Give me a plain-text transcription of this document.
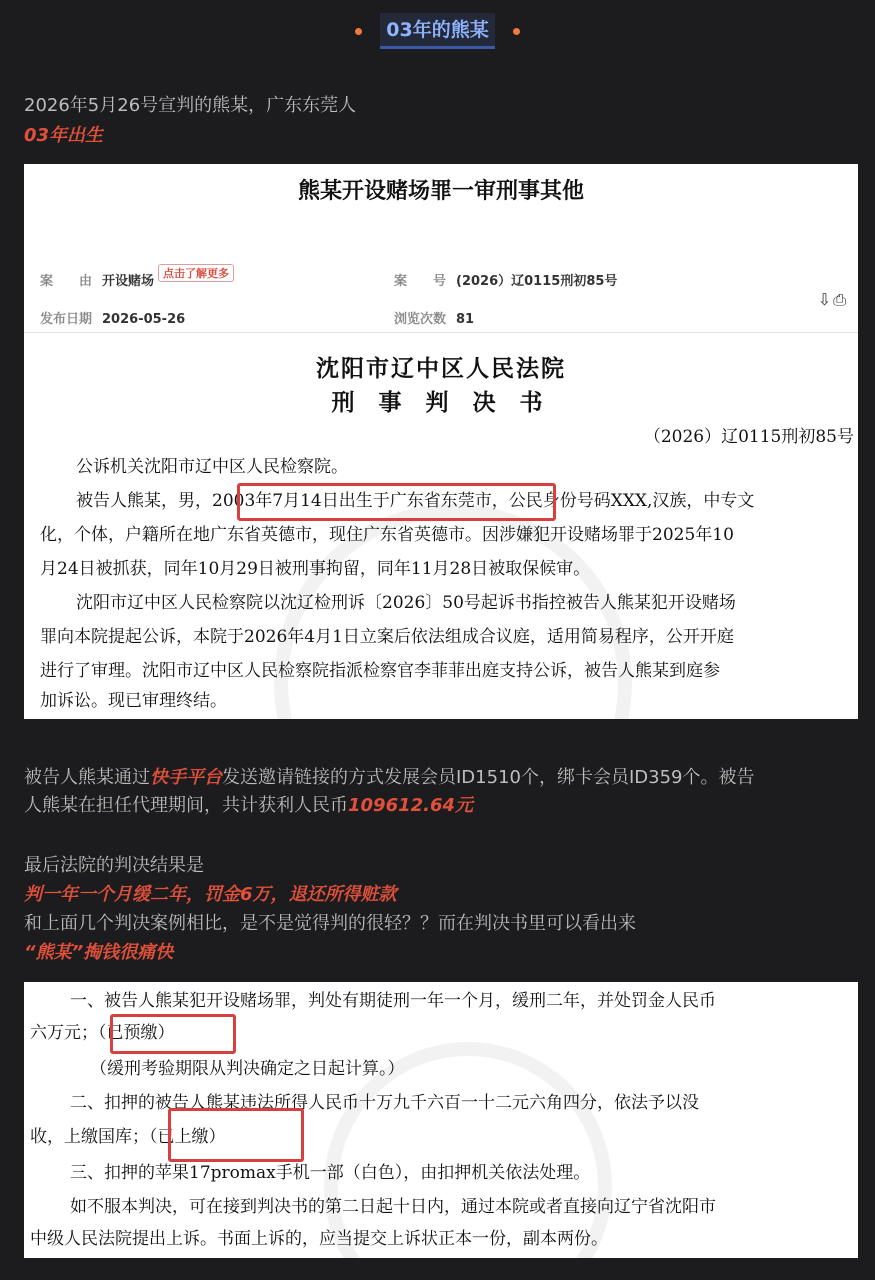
03年的熊某
2026年5月26号宣判的熊某，广东东莞人
03年出生
熊某开设赌场罪一审刑事其他
案　　由 开设赌场点击了解更多
案　　号 (2026）辽0115刑初85号
发布日期 2026-05-26	浏览次数 81
⇩⎙
沈阳市辽中区人民法院
刑 事 判 决 书
（2026）辽0115刑初85号
公诉机关沈阳市辽中区人民检察院。
被告人熊某，男，2003年7月14日出生于广东省东莞市，公民身份号码XXX,汉族，中专文
化，个体，户籍所在地广东省英德市，现住广东省英德市。因涉嫌犯开设赌场罪于2025年10
月24日被抓获，同年10月29日被刑事拘留，同年11月28日被取保候审。
沈阳市辽中区人民检察院以沈辽检刑诉〔2026〕50号起诉书指控被告人熊某犯开设赌场
罪向本院提起公诉，本院于2026年4月1日立案后依法组成合议庭，适用简易程序，公开开庭
进行了审理。沈阳市辽中区人民检察院指派检察官李菲菲出庭支持公诉，被告人熊某到庭参
加诉讼。现已审理终结。
被告人熊某通过快手平台发送邀请链接的方式发展会员ID1510个，绑卡会员ID359个。被告
人熊某在担任代理期间，共计获利人民币109612.64元
最后法院的判决结果是
判一年一个月缓二年，罚金6万，退还所得赃款
和上面几个判决案例相比，是不是觉得判的很轻？？而在判决书里可以看出来
“熊某”掏钱很痛快
一、被告人熊某犯开设赌场罪，判处有期徒刑一年一个月，缓刑二年，并处罚金人民币
六万元；（已预缴）
（缓刑考验期限从判决确定之日起计算。）
二、扣押的被告人熊某违法所得人民币十万九千六百一十二元六角四分，依法予以没
收，上缴国库；（已上缴）
三、扣押的苹果17promax手机一部（白色），由扣押机关依法处理。
如不服本判决，可在接到判决书的第二日起十日内，通过本院或者直接向辽宁省沈阳市
中级人民法院提出上诉。书面上诉的，应当提交上诉状正本一份，副本两份。
